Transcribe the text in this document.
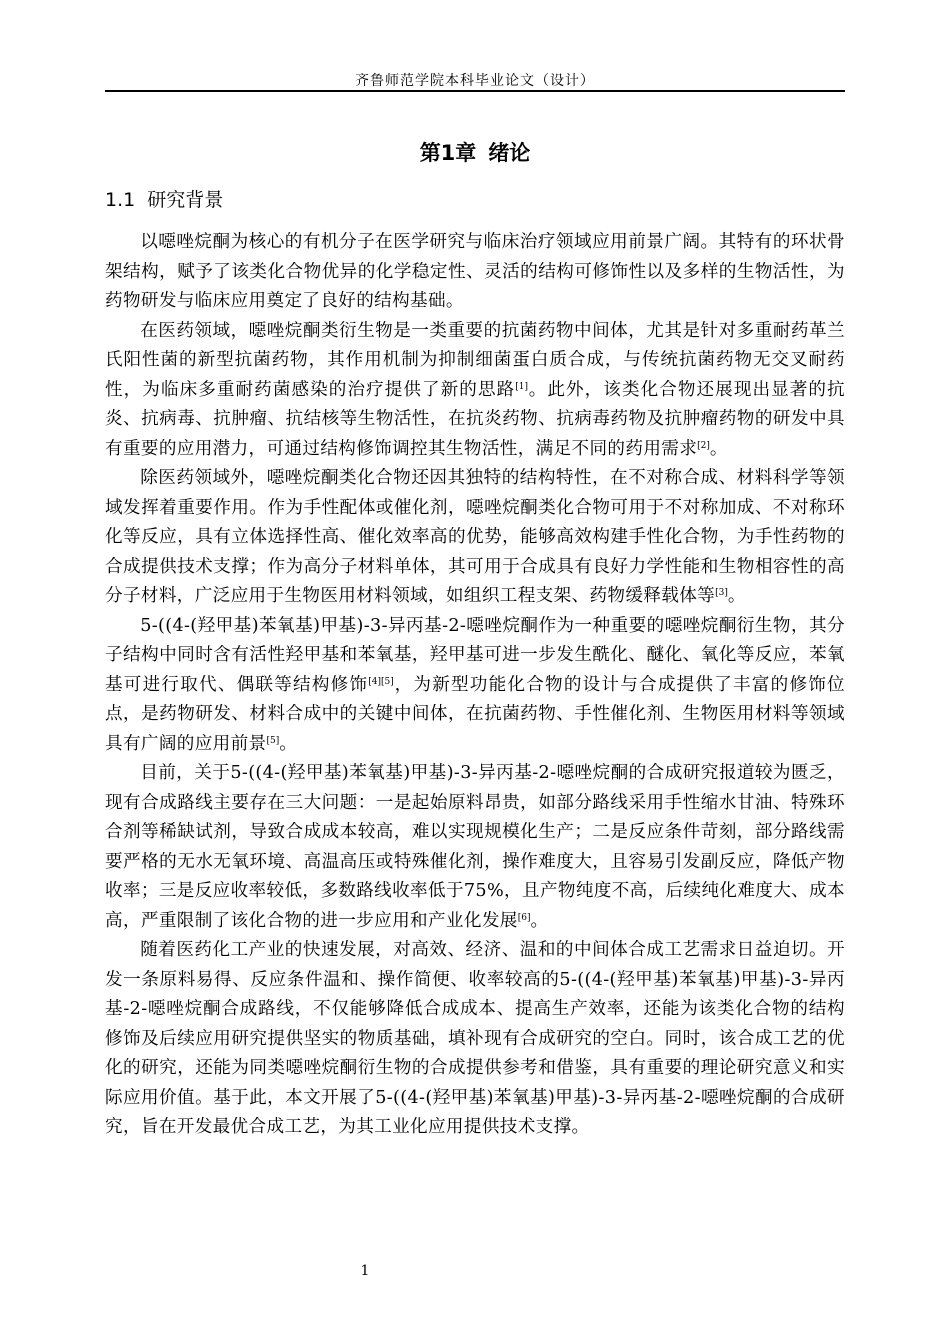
齐鲁师范学院本科毕业论文（设计）
第1章 绪论
1.1 研究背景

以噁唑烷酮为核心的有机分子在医学研究与临床治疗领域应用前景广阔。其特有的环状骨架结构，赋予了该类化合物优异的化学稳定性、灵活的结构可修饰性以及多样的生物活性，为药物研发与临床应用奠定了良好的结构基础。

在医药领域，噁唑烷酮类衍生物是一类重要的抗菌药物中间体，尤其是针对多重耐药革兰氏阳性菌的新型抗菌药物，其作用机制为抑制细菌蛋白质合成，与传统抗菌药物无交叉耐药性，为临床多重耐药菌感染的治疗提供了新的思路[1]。此外，该类化合物还展现出显著的抗炎、抗病毒、抗肿瘤、抗结核等生物活性，在抗炎药物、抗病毒药物及抗肿瘤药物的研发中具有重要的应用潜力，可通过结构修饰调控其生物活性，满足不同的药用需求[2]。

除医药领域外，噁唑烷酮类化合物还因其独特的结构特性，在不对称合成、材料科学等领域发挥着重要作用。作为手性配体或催化剂，噁唑烷酮类化合物可用于不对称加成、不对称环化等反应，具有立体选择性高、催化效率高的优势，能够高效构建手性化合物，为手性药物的合成提供技术支撑；作为高分子材料单体，其可用于合成具有良好力学性能和生物相容性的高分子材料，广泛应用于生物医用材料领域，如组织工程支架、药物缓释载体等[3]。

5-((4-(羟甲基)苯氧基)甲基)-3-异丙基-2-噁唑烷酮作为一种重要的噁唑烷酮衍生物，其分子结构中同时含有活性羟甲基和苯氧基，羟甲基可进一步发生酰化、醚化、氧化等反应，苯氧基可进行取代、偶联等结构修饰[4][5]，为新型功能化合物的设计与合成提供了丰富的修饰位点，是药物研发、材料合成中的关键中间体，在抗菌药物、手性催化剂、生物医用材料等领域具有广阔的应用前景[5]。

目前，关于5-((4-(羟甲基)苯氧基)甲基)-3-异丙基-2-噁唑烷酮的合成研究报道较为匮乏，现有合成路线主要存在三大问题：一是起始原料昂贵，如部分路线采用手性缩水甘油、特殊环合剂等稀缺试剂，导致合成成本较高，难以实现规模化生产；二是反应条件苛刻，部分路线需要严格的无水无氧环境、高温高压或特殊催化剂，操作难度大，且容易引发副反应，降低产物收率；三是反应收率较低，多数路线收率低于75%，且产物纯度不高，后续纯化难度大、成本高，严重限制了该化合物的进一步应用和产业化发展[6]。

随着医药化工产业的快速发展，对高效、经济、温和的中间体合成工艺需求日益迫切。开发一条原料易得、反应条件温和、操作简便、收率较高的5-((4-(羟甲基)苯氧基)甲基)-3-异丙基-2-噁唑烷酮合成路线，不仅能够降低合成成本、提高生产效率，还能为该类化合物的结构修饰及后续应用研究提供坚实的物质基础，填补现有合成研究的空白。同时，该合成工艺的优化的研究，还能为同类噁唑烷酮衍生物的合成提供参考和借鉴，具有重要的理论研究意义和实际应用价值。基于此，本文开展了5-((4-(羟甲基)苯氧基)甲基)-3-异丙基-2-噁唑烷酮的合成研究，旨在开发最优合成工艺，为其工业化应用提供技术支撑。

1
